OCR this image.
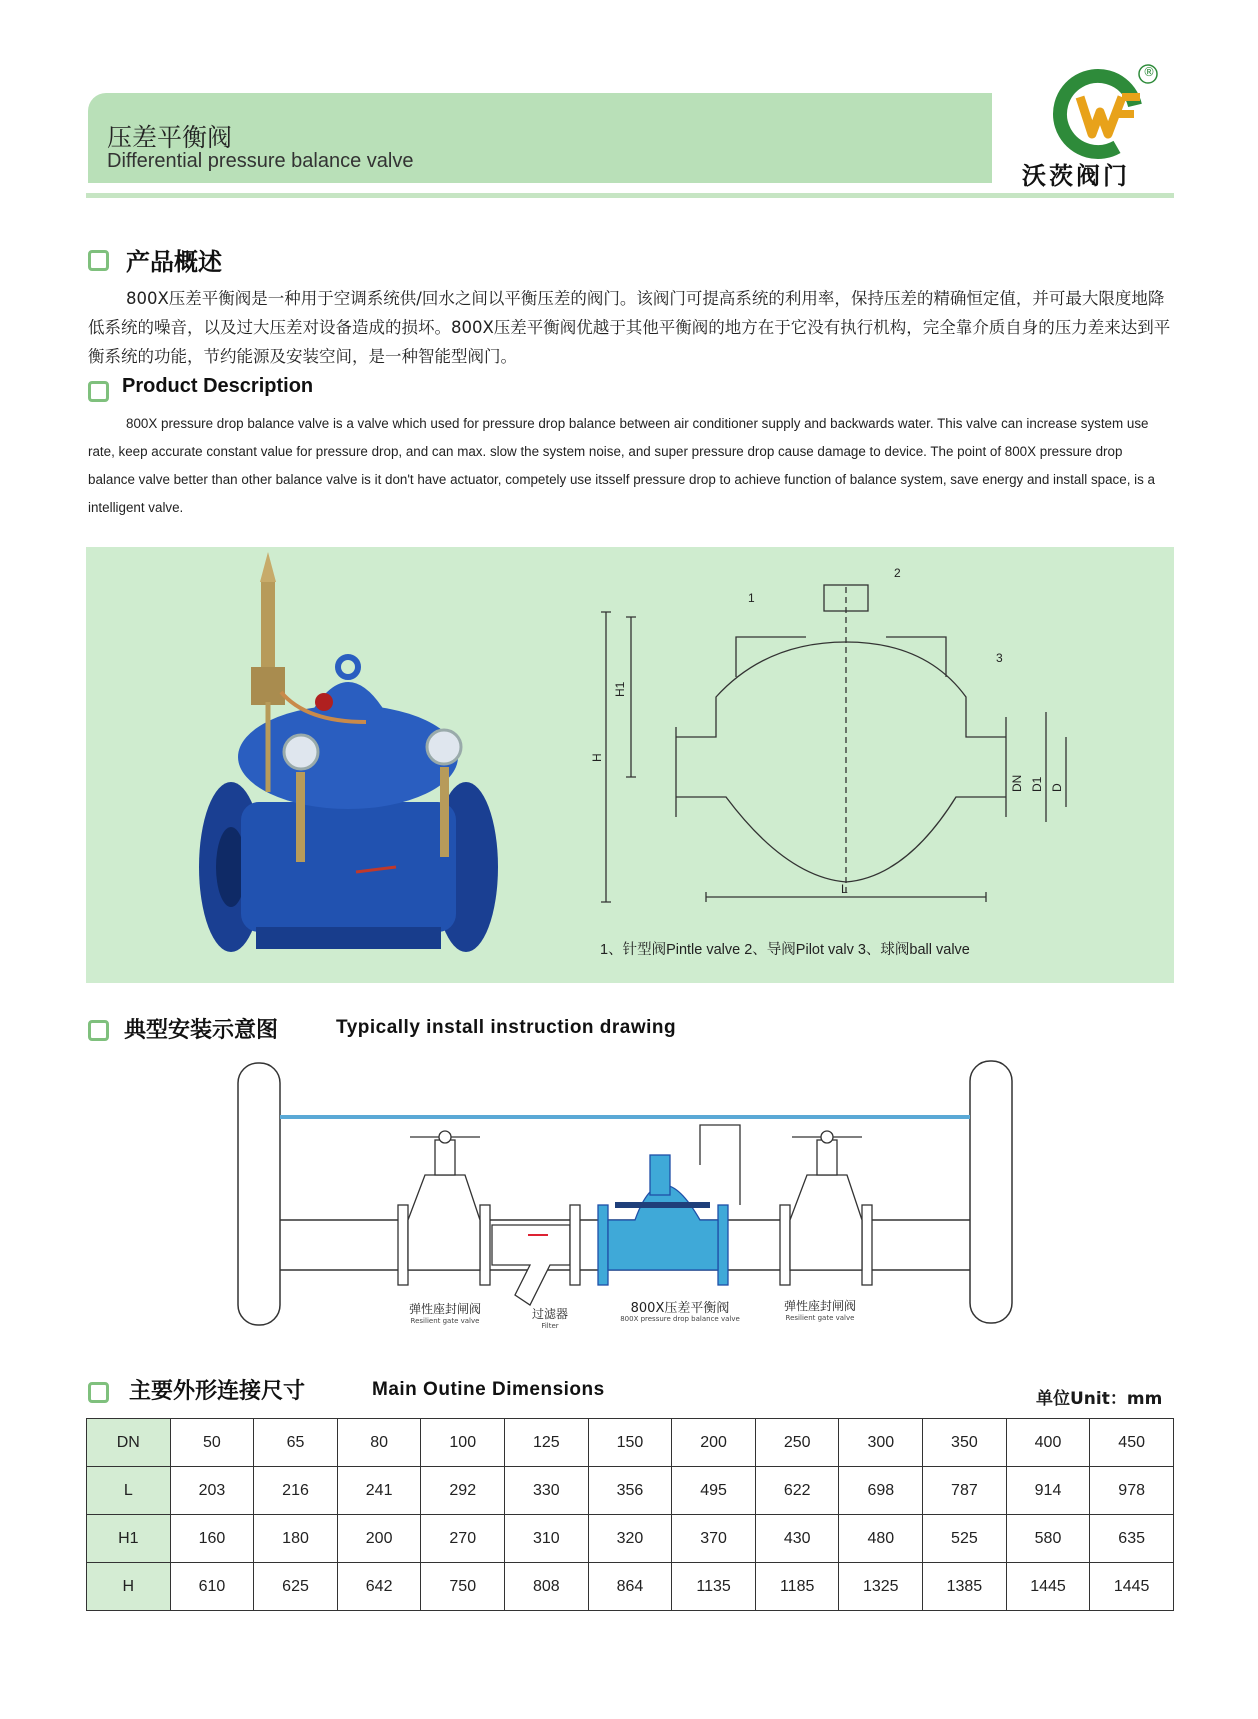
压差平衡阀
Differential pressure balance valve
®
沃茨阀门
产品概述
800X压差平衡阀是一种用于空调系统供/回水之间以平衡压差的阀门。该阀门可提高系统的利用率，保持压差的精确恒定值，并可最大限度地降低系统的噪音，以及过大压差对设备造成的损坏。800X压差平衡阀优越于其他平衡阀的地方在于它没有执行机构，完全靠介质自身的压力差来达到平衡系统的功能，节约能源及安装空间，是一种智能型阀门。
Product Description
800X pressure drop balance valve is a valve which used for pressure drop balance between air conditioner supply and backwards water. This valve can increase system use rate, keep accurate constant value for pressure drop, and can max. slow the system noise, and super pressure drop cause damage to device. The point of 800X pressure drop balance valve better than other balance valve is it don't have actuator, competely use itsself pressure drop to achieve function of balance system, save energy and install space, is a intelligent valve.
1
2
3
H1
H
DN D1 D
L
1、针型阀Pintle valve 2、导阀Pilot valv 3、球阀ball valve
典型安装示意图	Typically install instruction drawing
弹性座封闸阀
Resilient gate valve	过滤器
Filter
800X压差平衡阀
800X pressure drop balance valve
弹性座封闸阀
Resilient gate valve
主要外形连接尺寸	Main Outine Dimensions	单位Unit：mm
DN	50	65	80	100	125	150	200	250	300	350	400	450
L	203	216	241	292	330	356	495	622	698	787	914	978
H1	160	180	200	270	310	320	370	430	480	525	580	635
H	610	625	642	750	808	864	1135	1185	1325	1385	1445	1445
